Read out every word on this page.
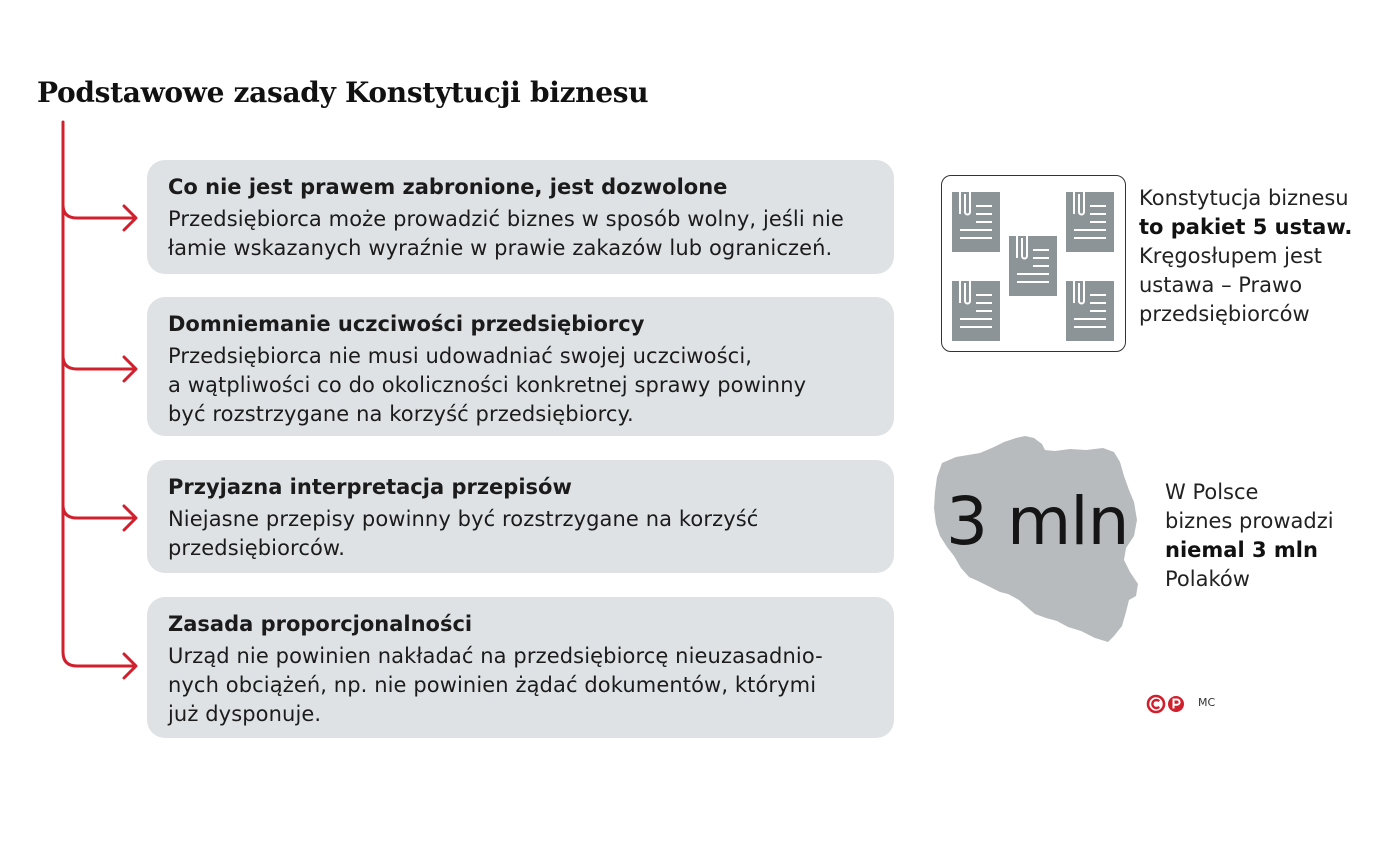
Podstawowe zasady Konstytucji biznesu

Co nie jest prawem zabronione, jest dozwolone

Przedsiębiorca może prowadzić biznes w sposób wolny, jeśli nie
łamie wskazanych wyraźnie w prawie zakazów lub ograniczeń.

Domniemanie uczciwości przedsiębiorcy

Przedsiębiorca nie musi udowadniać swojej uczciwości,
a wątpliwości co do okoliczności konkretnej sprawy powinny
być rozstrzygane na korzyść przedsiębiorcy.

Przyjazna interpretacja przepisów

Niejasne przepisy powinny być rozstrzygane na korzyść
przedsiębiorców.

Zasada proporcjonalności

Urząd nie powinien nakładać na przedsiębiorcę nieuzasadnio-
nych obciążeń, np. nie powinien żądać dokumentów, którymi
już dysponuje.

Konstytucja biznesu
to pakiet 5 ustaw.
Kręgosłupem jest
ustawa – Prawo
przedsiębiorców
3 mln W Polsce
biznes prowadzi
niemal 3 mln
Polaków
MC
